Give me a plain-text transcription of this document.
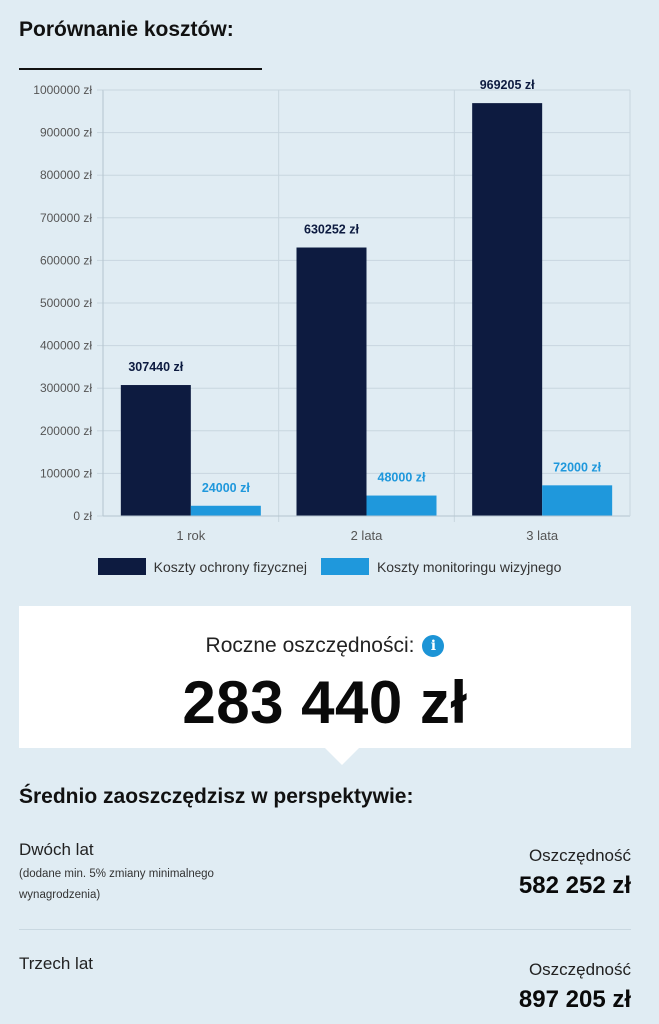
Porównanie kosztów:
0 zł
100000 zł
200000 zł
300000 zł
400000 zł
500000 zł
600000 zł
700000 zł
800000 zł
900000 zł
1000000 zł
307440 zł
24000 zł
1 rok
630252 zł
48000 zł
2 lata
969205 zł
72000 zł
3 lata
Koszty ochrony fizycznej	Koszty monitoringu wizyjnego
Roczne oszczędności:	i
283 440 zł
Średnio zaoszczędzisz w perspektywie:
Dwóch lat
(dodane min. 5% zmiany minimalnego
wynagrodzenia)
Oszczędność
582 252 zł
Trzech lat	Oszczędność
897 205 zł
